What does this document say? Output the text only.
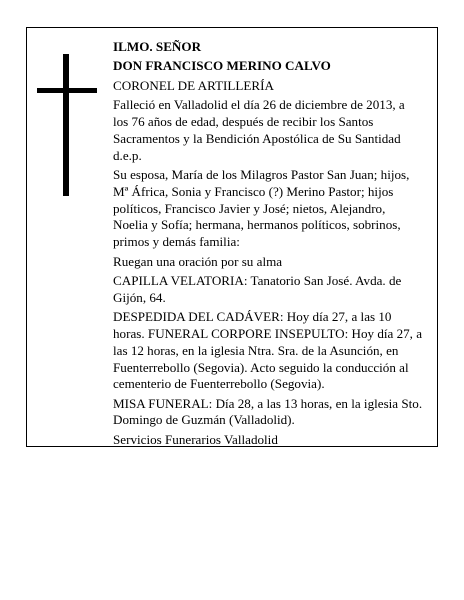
ILMO. SEÑOR

DON FRANCISCO MERINO CALVO

CORONEL DE ARTILLERÍA

Falleció en Valladolid el día 26 de diciembre de 2013, a los 76 años de edad, después de recibir los Santos Sacramentos y la Bendición Apostólica de Su Santidad d.e.p.

Su esposa, María de los Milagros Pastor San Juan; hijos, Mª África, Sonia y Francisco (?) Merino Pastor; hijos políticos, Francisco Javier y José; nietos, Alejandro, Noelia y Sofía; hermana, hermanos políticos, sobrinos, primos y demás familia:

Ruegan una oración por su alma

CAPILLA VELATORIA: Tanatorio San José. Avda. de Gijón, 64.

DESPEDIDA DEL CADÁVER: Hoy día 27, a las 10 horas. FUNERAL CORPORE INSEPULTO: Hoy día 27, a las 12 horas, en la iglesia Ntra. Sra. de la Asunción, en Fuenterrebollo (Segovia). Acto seguido la conducción al cementerio de Fuenterrebollo (Segovia).

MISA FUNERAL: Día 28, a las 13 horas, en la iglesia Sto. Domingo de Guzmán (Valladolid).

Servicios Funerarios Valladolid
